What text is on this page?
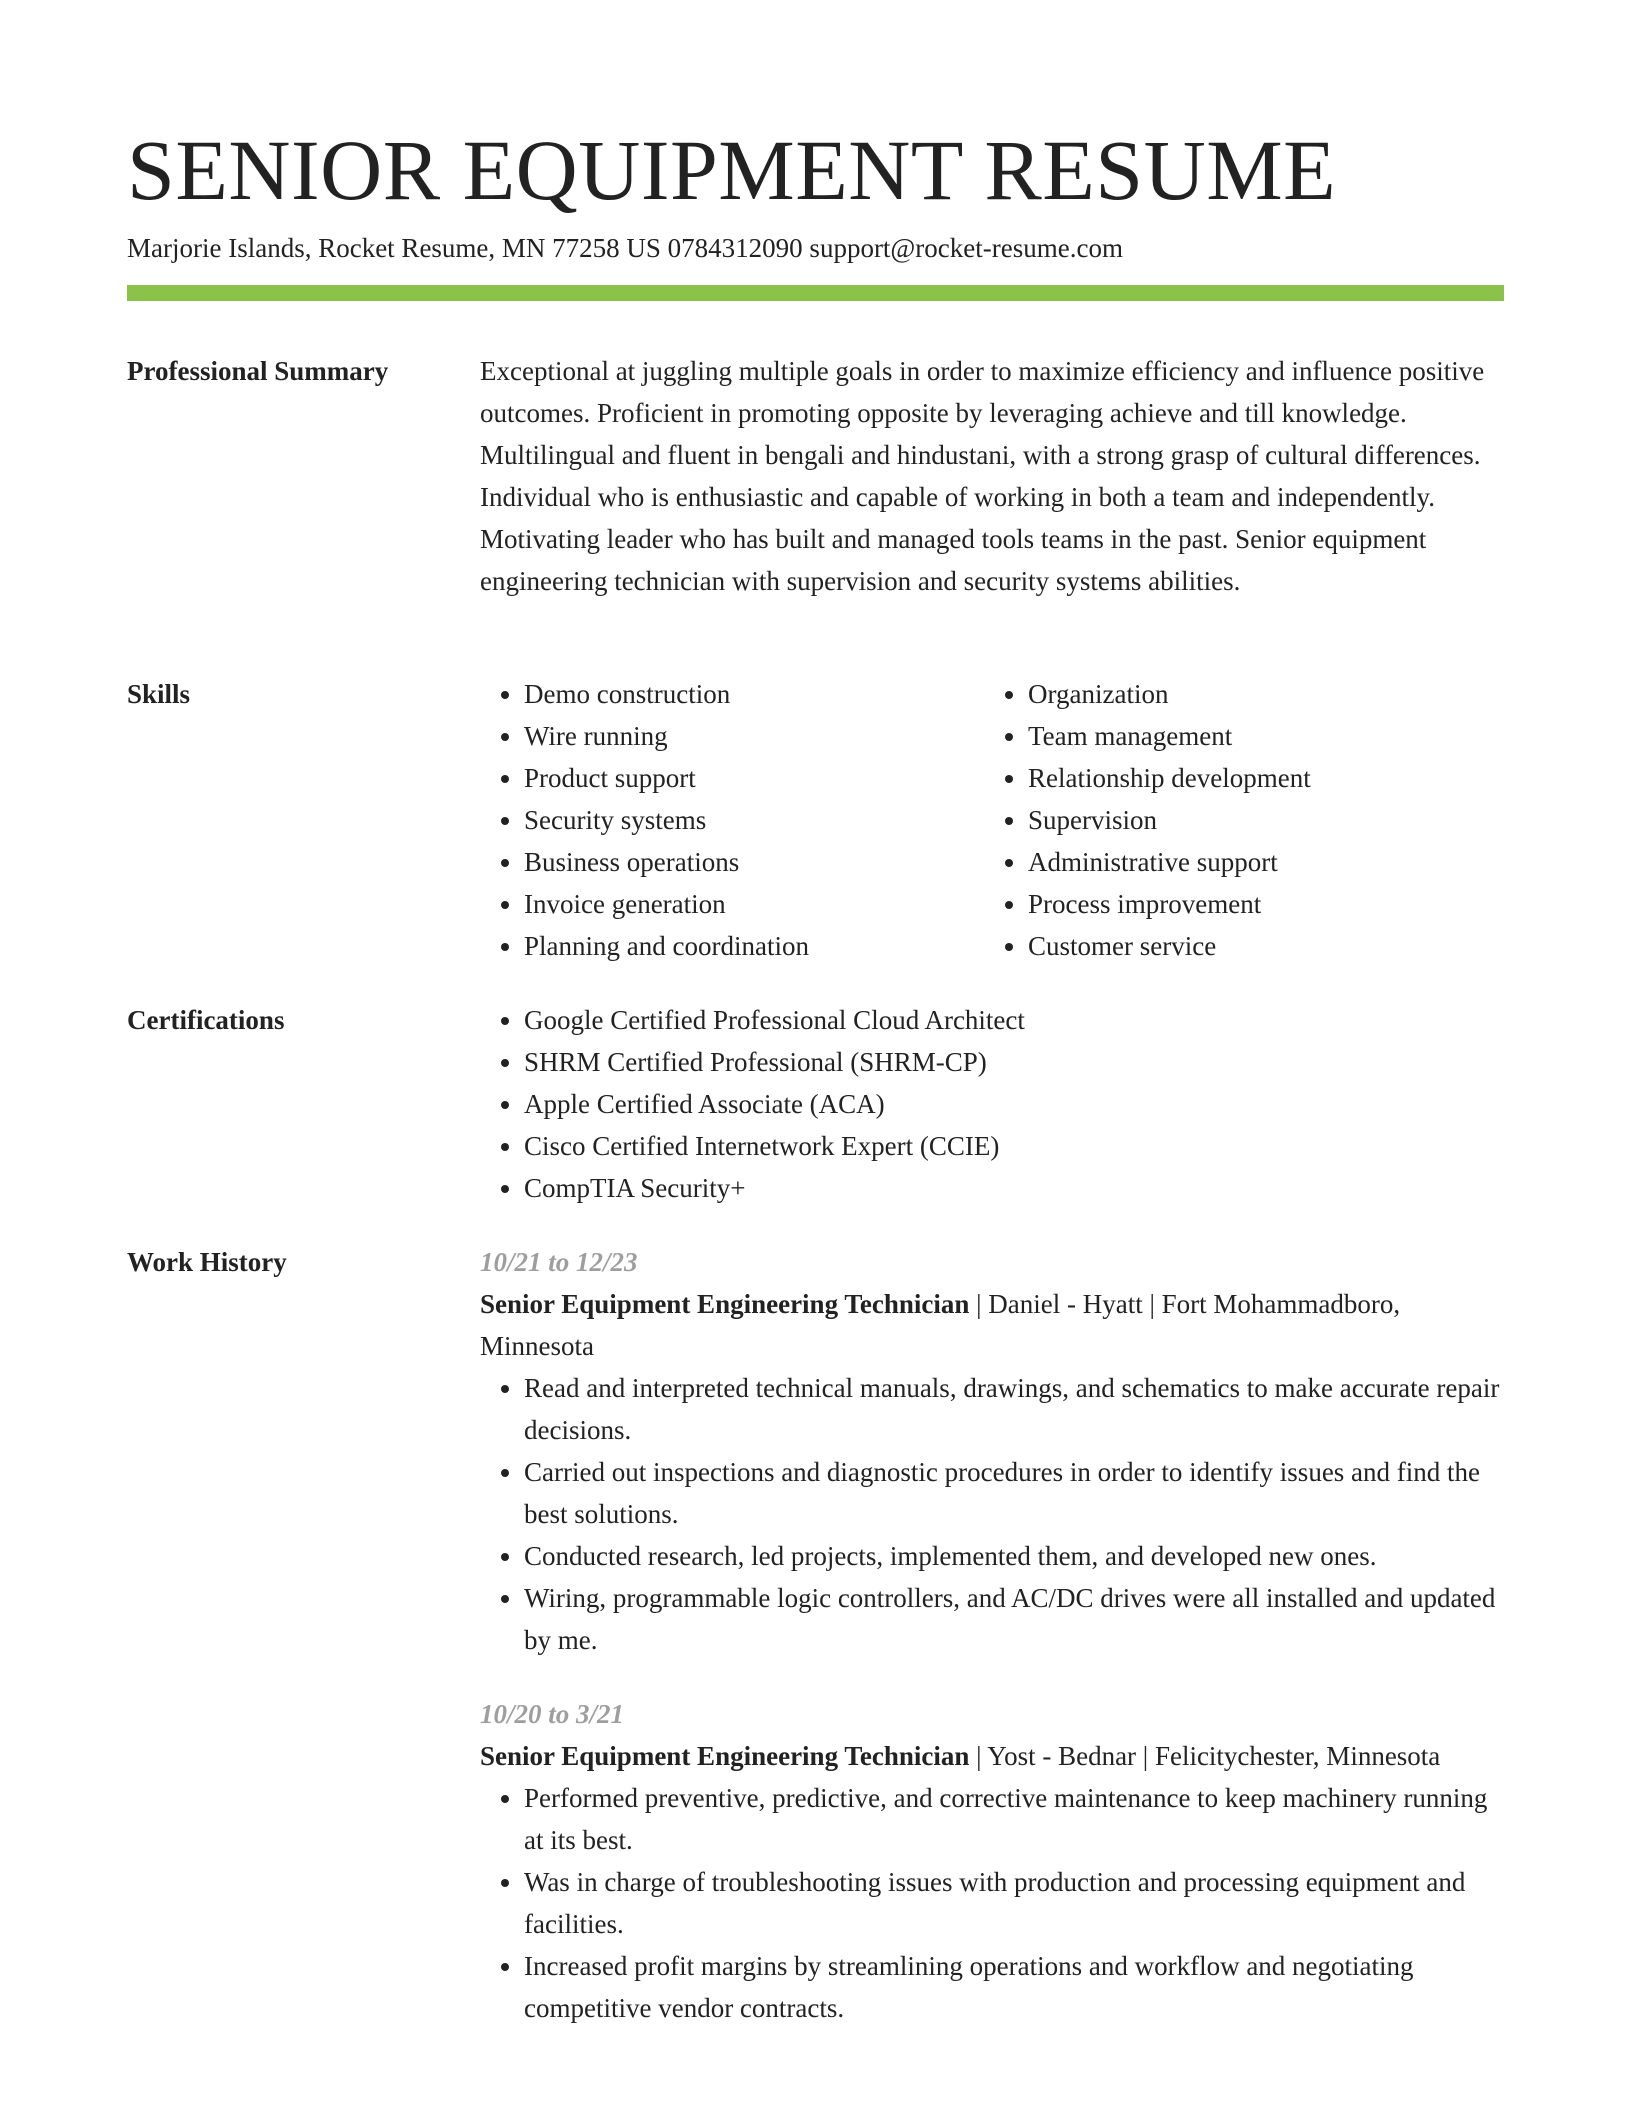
SENIOR EQUIPMENT RESUME
Marjorie Islands, Rocket Resume, MN 77258 US 0784312090 support@rocket-resume.com
Professional Summary	Exceptional at juggling multiple goals in order to maximize efficiency and influence positive outcomes. Proficient in promoting opposite by leveraging achieve and till knowledge. Multilingual and fluent in bengali and hindustani, with a strong grasp of cultural differences. Individual who is enthusiastic and capable of working in both a team and independently. Motivating leader who has built and managed tools teams in the past. Senior equipment engineering technician with supervision and security systems abilities.

Skills	• Demo construction
• Wire running
• Product support
• Security systems
• Business operations
• Invoice generation
• Planning and coordination
• Organization
• Team management
• Relationship development
• Supervision
• Administrative support
• Process improvement
• Customer service
Certifications	• Google Certified Professional Cloud Architect
• SHRM Certified Professional (SHRM-CP)
• Apple Certified Associate (ACA)
• Cisco Certified Internetwork Expert (CCIE)
• CompTIA Security+
Work History	10/21 to 12/23

Senior Equipment Engineering Technician | Daniel - Hyatt | Fort Mohammadboro, Minnesota

• Read and interpreted technical manuals, drawings, and schematics to make accurate repair decisions.
• Carried out inspections and diagnostic procedures in order to identify issues and find the best solutions.
• Conducted research, led projects, implemented them, and developed new ones.
• Wiring, programmable logic controllers, and AC/DC drives were all installed and updated by me.

10/20 to 3/21

Senior Equipment Engineering Technician | Yost - Bednar | Felicitychester, Minnesota

• Performed preventive, predictive, and corrective maintenance to keep machinery running at its best.
• Was in charge of troubleshooting issues with production and processing equipment and facilities.
• Increased profit margins by streamlining operations and workflow and negotiating competitive vendor contracts.
